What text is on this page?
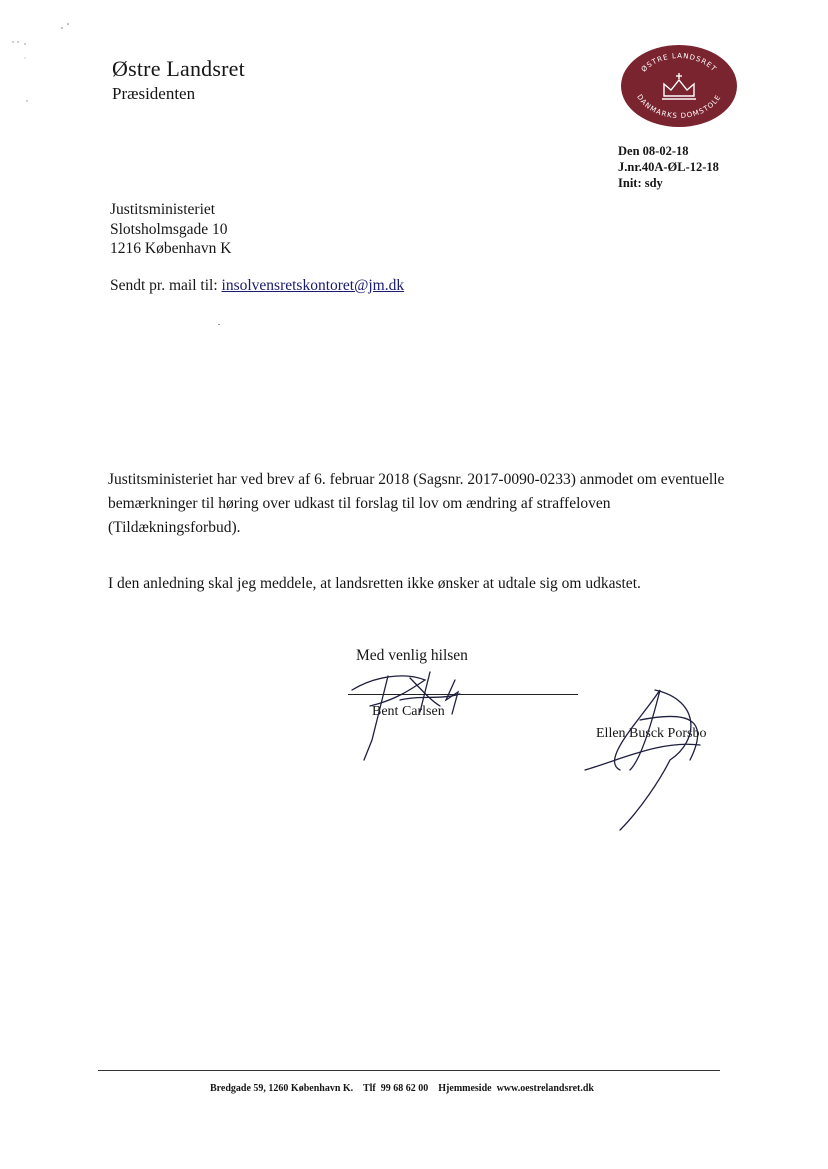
Østre Landsret
Præsidenten
ØSTRE LANDSRET
DANMARKS DOMSTOLE
Den 08-02-18
J.nr.40A-ØL-12-18
Init: sdy
Justitsministeriet
Slotsholmsgade 10
1216 København K
Sendt pr. mail til: insolvensretskontoret@jm.dk

Justitsministeriet har ved brev af 6. februar 2018 (Sagsnr. 2017-0090-0233) anmodet om eventuelle bemærkninger til høring over udkast til forslag til lov om ændring af straffeloven (Tildækningsforbud).

I den anledning skal jeg meddele, at landsretten ikke ønsker at udtale sig om udkastet.

Med venlig hilsen
Bent Carlsen
Ellen Busck Porsbo
Bredgade 59, 1260 København K.    Tlf  99 68 62 00    Hjemmeside  www.oestrelandsret.dk
